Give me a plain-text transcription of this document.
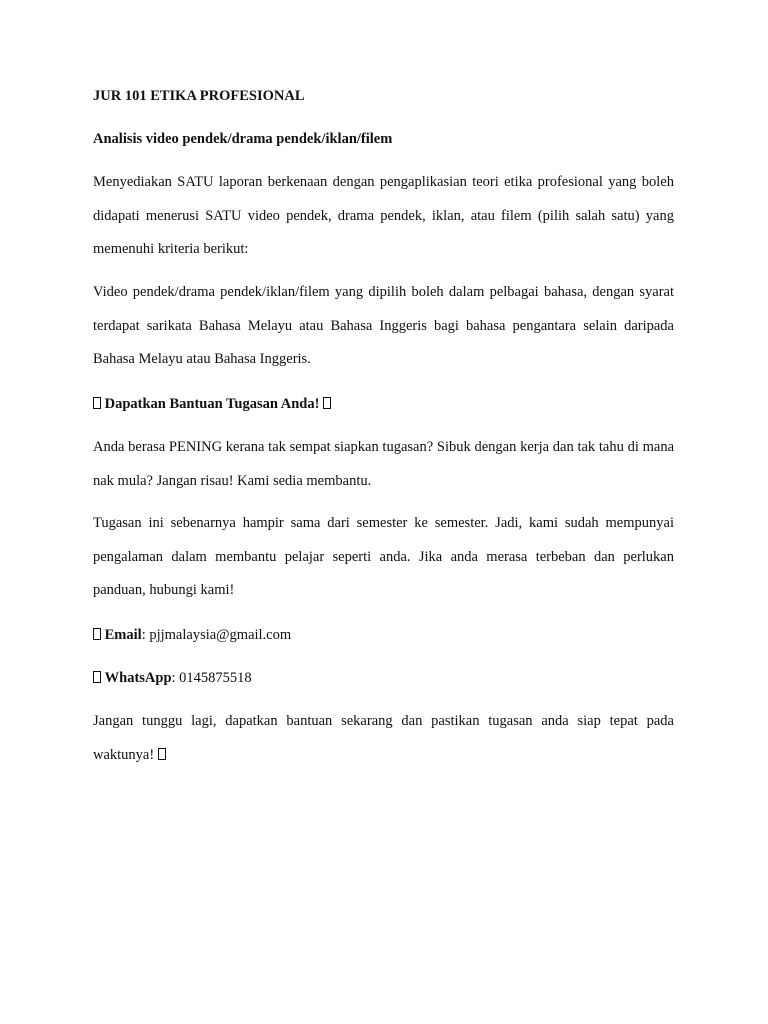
JUR 101 ETIKA PROFESIONAL
Analisis video pendek/drama pendek/iklan/filem

Menyediakan SATU laporan berkenaan dengan pengaplikasian teori etika profesional yang boleh didapati menerusi SATU video pendek, drama pendek, iklan, atau filem (pilih salah satu) yang memenuhi kriteria berikut:

Video pendek/drama pendek/iklan/filem yang dipilih boleh dalam pelbagai bahasa, dengan syarat terdapat sarikata Bahasa Melayu atau Bahasa Inggeris bagi bahasa pengantara selain daripada Bahasa Melayu atau Bahasa Inggeris.

Dapatkan Bantuan Tugasan Anda!

Anda berasa PENING kerana tak sempat siapkan tugasan? Sibuk dengan kerja dan tak tahu di mana nak mula? Jangan risau! Kami sedia membantu.

Tugasan ini sebenarnya hampir sama dari semester ke semester. Jadi, kami sudah mempunyai pengalaman dalam membantu pelajar seperti anda. Jika anda merasa terbeban dan perlukan panduan, hubungi kami!

Email: pjjmalaysia@gmail.com
WhatsApp: 0145875518

Jangan tunggu lagi, dapatkan bantuan sekarang dan pastikan tugasan anda siap tepat pada waktunya!
